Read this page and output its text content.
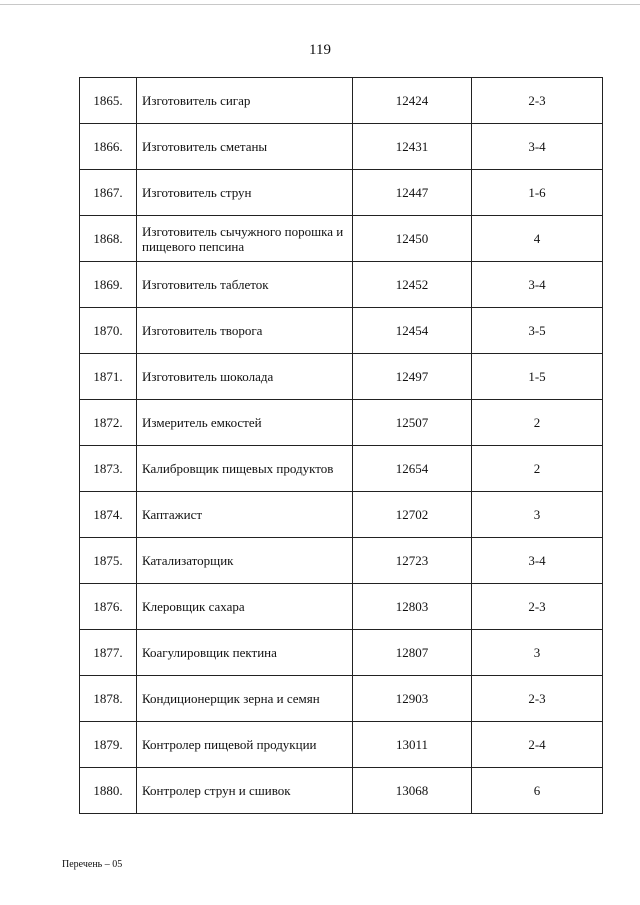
119
1865.	Изготовитель сигар	12424	2-3
1866.	Изготовитель сметаны	12431	3-4
1867.	Изготовитель струн	12447	1-6
1868.	Изготовитель сычужного порошка и пищевого пепсина	12450	4
1869.	Изготовитель таблеток	12452	3-4
1870.	Изготовитель творога	12454	3-5
1871.	Изготовитель шоколада	12497	1-5
1872.	Измеритель емкостей	12507	2
1873.	Калибровщик пищевых продуктов	12654	2
1874.	Каптажист	12702	3
1875.	Катализаторщик	12723	3-4
1876.	Клеровщик сахара	12803	2-3
1877.	Коагулировщик пектина	12807	3
1878.	Кондиционерщик зерна и семян	12903	2-3
1879.	Контролер пищевой продукции	13011	2-4
1880.	Контролер струн и сшивок	13068	6
Перечень – 05
